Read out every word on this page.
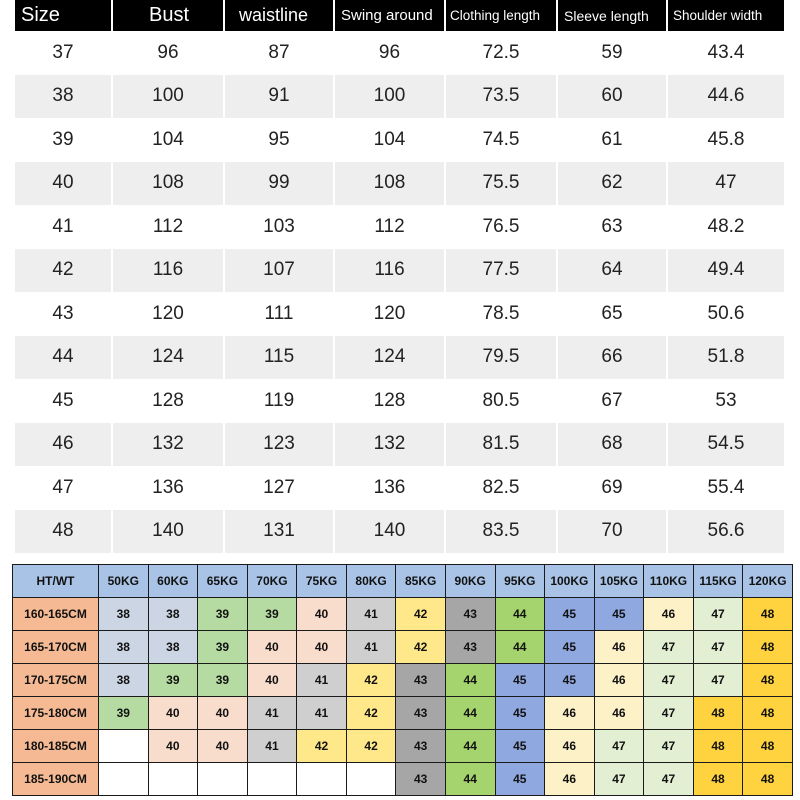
Size	Bust	waistline	Swing around	Clothing length	Sleeve length	Shoulder width
37	96	87	96	72.5	59	43.4
38	100	91	100	73.5	60	44.6
39	104	95	104	74.5	61	45.8
40	108	99	108	75.5	62	47
41	112	103	112	76.5	63	48.2
42	116	107	116	77.5	64	49.4
43	120	111	120	78.5	65	50.6
44	124	115	124	79.5	66	51.8
45	128	119	128	80.5	67	53
46	132	123	132	81.5	68	54.5
47	136	127	136	82.5	69	55.4
48	140	131	140	83.5	70	56.6
HT/WT	50KG	60KG	65KG	70KG	75KG	80KG	85KG	90KG	95KG	100KG	105KG	110KG	115KG	120KG
160-165CM	38	38	39	39	40	41	42	43	44	45	45	46	47	48
165-170CM	38	38	39	40	40	41	42	43	44	45	46	47	47	48
170-175CM	38	39	39	40	41	42	43	44	45	45	46	47	47	48
175-180CM	39	40	40	41	41	42	43	44	45	46	46	47	48	48
180-185CM		40	40	41	42	42	43	44	45	46	47	47	48	48
185-190CM							43	44	45	46	47	47	48	48
